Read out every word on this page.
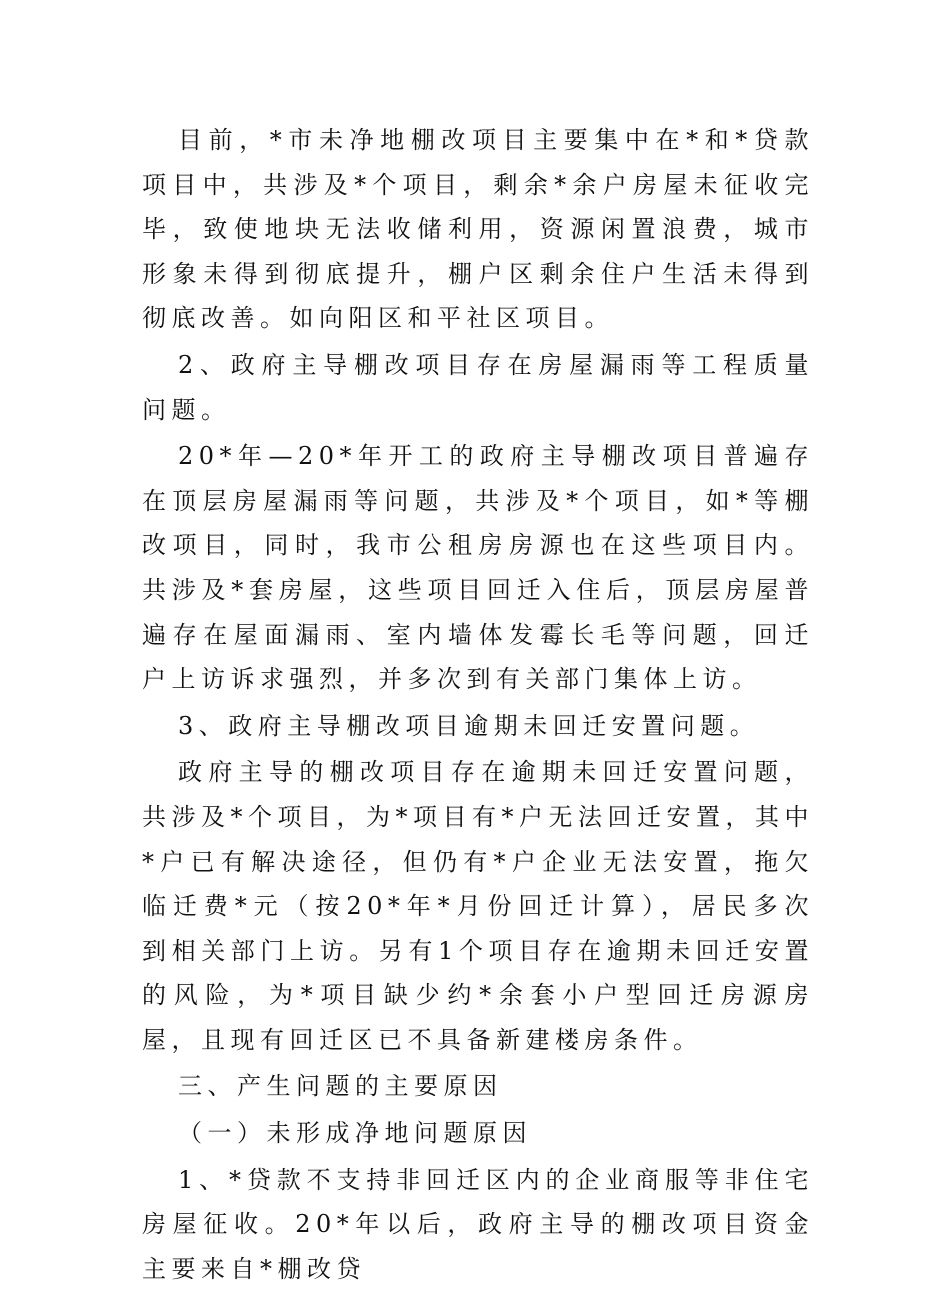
目前，*市未净地棚改项目主要集中在*和*贷款项目中，共涉及*个项目，剩余*余户房屋未征收完毕，致使地块无法收储利用，资源闲置浪费，城市形象未得到彻底提升，棚户区剩余住户生活未得到彻底改善。如向阳区和平社区项目。

2、政府主导棚改项目存在房屋漏雨等工程质量问题。

20*年—20*年开工的政府主导棚改项目普遍存在顶层房屋漏雨等问题，共涉及*个项目，如*等棚改项目，同时，我市公租房房源也在这些项目内。共涉及*套房屋，这些项目回迁入住后，顶层房屋普遍存在屋面漏雨、室内墙体发霉长毛等问题，回迁户上访诉求强烈，并多次到有关部门集体上访。

3、政府主导棚改项目逾期未回迁安置问题。

政府主导的棚改项目存在逾期未回迁安置问题，共涉及*个项目，为*项目有*户无法回迁安置，其中*户已有解决途径，但仍有*户企业无法安置，拖欠临迁费*元（按20*年*月份回迁计算），居民多次到相关部门上访。另有1个项目存在逾期未回迁安置的风险，为*项目缺少约*余套小户型回迁房源房屋，且现有回迁区已不具备新建楼房条件。

三、产生问题的主要原因

（一）未形成净地问题原因

1、*贷款不支持非回迁区内的企业商服等非住宅房屋征收。20*年以后，政府主导的棚改项目资金主要来自*棚改贷
